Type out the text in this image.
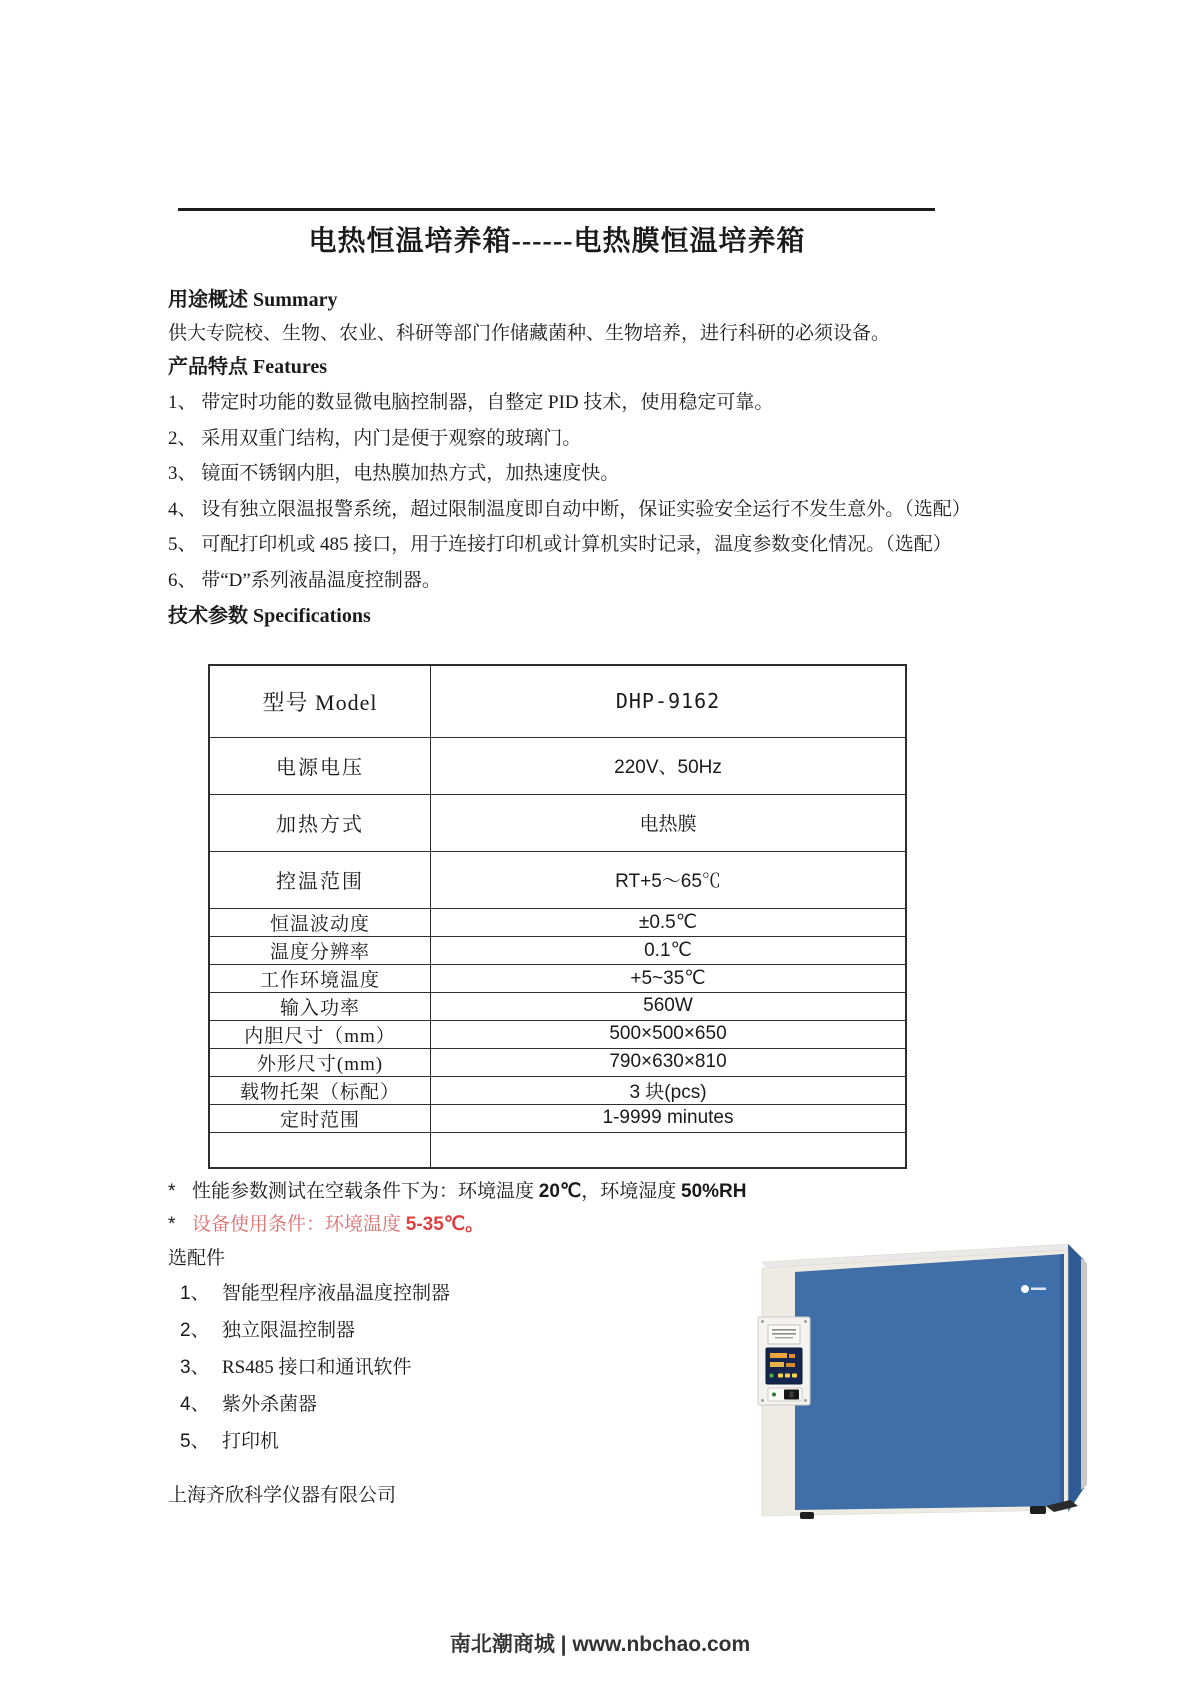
电热恒温培养箱------电热膜恒温培养箱
用途概述 Summary
供大专院校、生物、农业、科研等部门作储藏菌种、生物培养，进行科研的必须设备。
产品特点 Features
1、 带定时功能的数显微电脑控制器，自整定 PID 技术，使用稳定可靠。
2、 采用双重门结构，内门是便于观察的玻璃门。
3、 镜面不锈钢内胆，电热膜加热方式，加热速度快。
4、 设有独立限温报警系统，超过限制温度即自动中断，保证实验安全运行不发生意外。（选配）
5、 可配打印机或 485 接口，用于连接打印机或计算机实时记录，温度参数变化情况。（选配）
6、 带“D”系列液晶温度控制器。
技术参数 Specifications
型号 Model	DHP-9162
电源电压	220V、50Hz
加热方式	电热膜
控温范围	RT+5～65℃
恒温波动度	±0.5℃
温度分辨率	0.1℃
工作环境温度	+5~35℃
输入功率	560W
内胆尺寸（mm）	500×500×650
外形尺寸(mm)	790×630×810
载物托架（标配）	3 块(pcs)
定时范围	1-9999 minutes

* 性能参数测试在空载条件下为：环境温度 20℃，环境湿度 50%RH
* 设备使用条件：环境温度 5-35℃。
选配件
1、 智能型程序液晶温度控制器
2、 独立限温控制器
3、 RS485 接口和通讯软件
4、 紫外杀菌器
5、 打印机
上海齐欣科学仪器有限公司
南北潮商城 | www.nbchao.com
